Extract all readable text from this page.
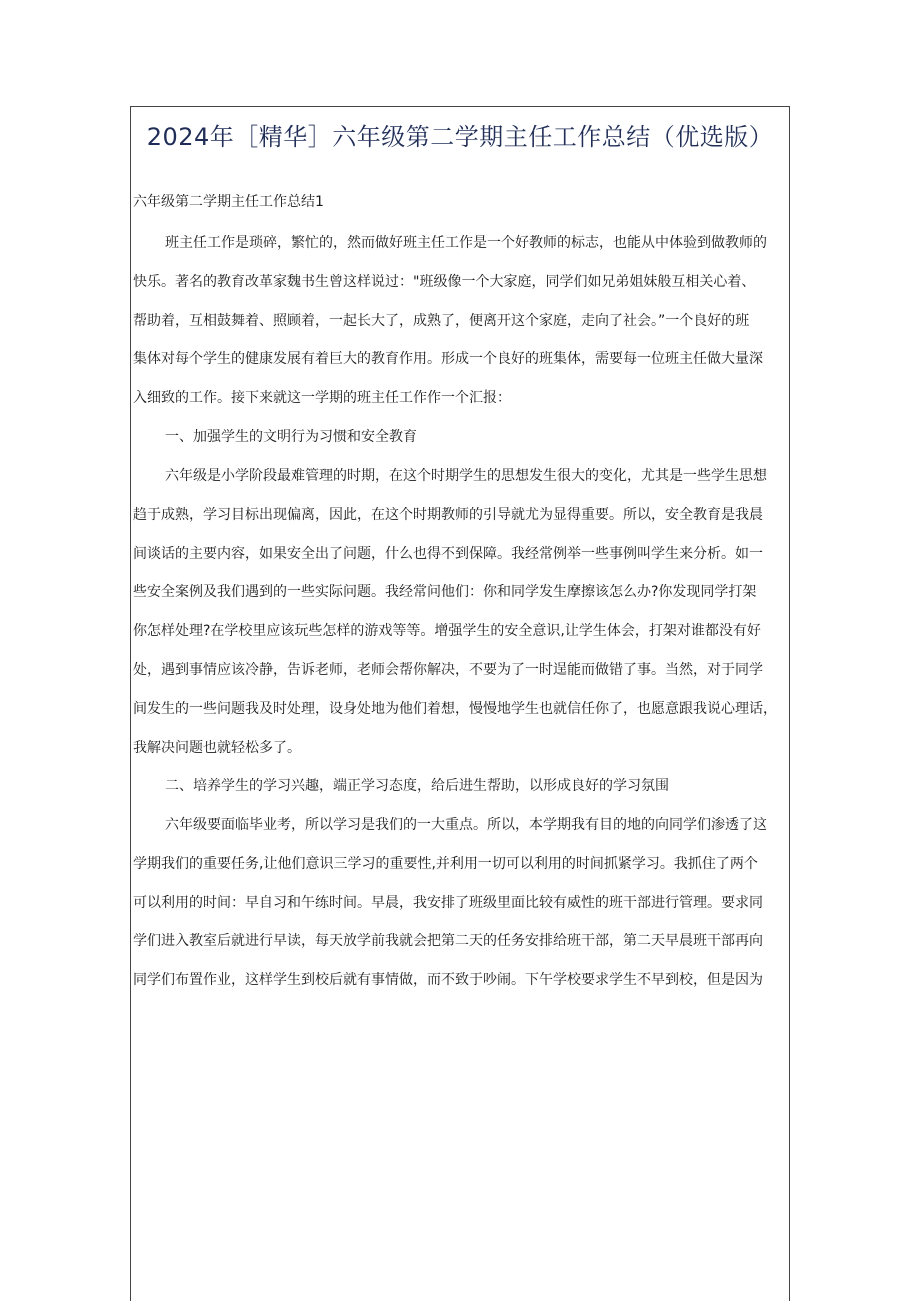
2024年［精华］六年级第二学期主任工作总结（优选版）
六年级第二学期主任工作总结1
班主任工作是琐碎，繁忙的，然而做好班主任工作是一个好教师的标志，也能从中体验到做教师的
快乐。著名的教育改革家魏书生曾这样说过："班级像一个大家庭，同学们如兄弟姐妹般互相关心着、
帮助着，互相鼓舞着、照顾着，一起长大了，成熟了，便离开这个家庭，走向了社会。”一个良好的班
集体对每个学生的健康发展有着巨大的教育作用。形成一个良好的班集体，需要每一位班主任做大量深
入细致的工作。接下来就这一学期的班主任工作作一个汇报：
一、加强学生的文明行为习惯和安全教育
六年级是小学阶段最难管理的时期，在这个时期学生的思想发生很大的变化，尤其是一些学生思想
趋于成熟，学习目标出现偏离，因此，在这个时期教师的引导就尤为显得重要。所以，安全教育是我晨
间谈话的主要内容，如果安全出了问题，什么也得不到保障。我经常例举一些事例叫学生来分析。如一
些安全案例及我们遇到的一些实际问题。我经常问他们：你和同学发生摩擦该怎么办?你发现同学打架
你怎样处理?在学校里应该玩些怎样的游戏等等。增强学生的安全意识,让学生体会，打架对谁都没有好
处，遇到事情应该冷静，告诉老师，老师会帮你解决，不要为了一时逞能而做错了事。当然，对于同学
间发生的一些问题我及时处理，设身处地为他们着想，慢慢地学生也就信任你了，也愿意跟我说心理话，
我解决问题也就轻松多了。
二、培养学生的学习兴趣，端正学习态度，给后进生帮助，以形成良好的学习氛围
六年级要面临毕业考，所以学习是我们的一大重点。所以，本学期我有目的地的向同学们渗透了这
学期我们的重要任务,让他们意识三学习的重要性,并利用一切可以利用的时间抓紧学习。我抓住了两个
可以利用的时间：早自习和午练时间。早晨，我安排了班级里面比较有威性的班干部进行管理。要求同
学们进入教室后就进行早读，每天放学前我就会把第二天的任务安排给班干部，第二天早晨班干部再向
同学们布置作业，这样学生到校后就有事情做，而不致于吵闹。下午学校要求学生不早到校，但是因为
